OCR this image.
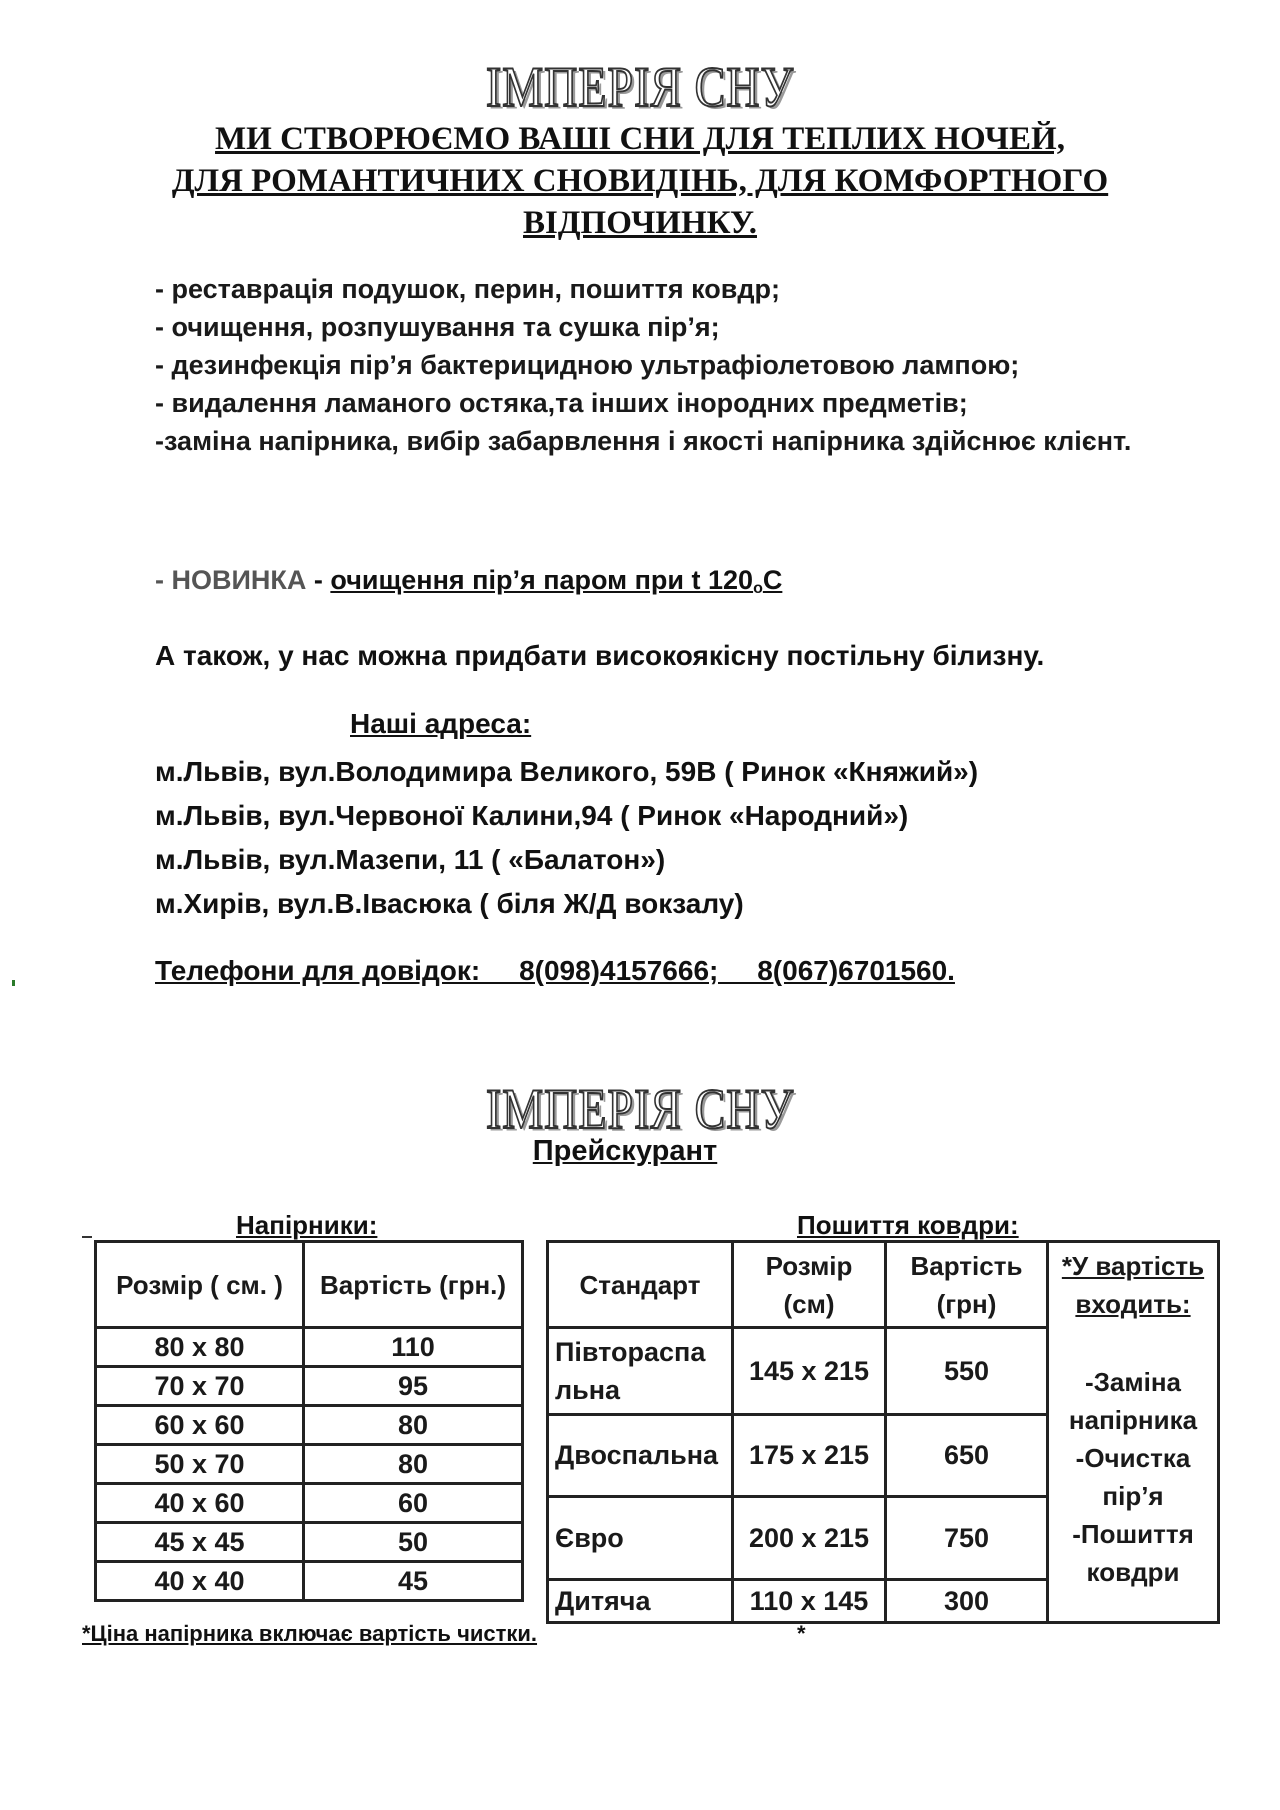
ІМПЕРІЯ СНУ
МИ СТВОРЮЄМО ВАШІ СНИ ДЛЯ ТЕПЛИХ НОЧЕЙ,
ДЛЯ РОМАНТИЧНИХ СНОВИДІНЬ, ДЛЯ КОМФОРТНОГО
ВІДПОЧИНКУ.
- реставрація подушок, перин, пошиття ковдр;
- очищення, розпушування та сушка пір’я;
- дезинфекція пір’я бактерицидною ультрафіолетовою лампою;
- видалення ламаного остяка,та інших інородних предметів;
-заміна напірника, вибір забарвлення і якості напірника здійснює клієнт.
- НОВИНКА - очищення пір’я паром при t $120_оС$
А також, у нас можна придбати високоякісну постільну білизну.
Наші адреса:
м.Львів, вул.Володимира Великого, 59В ( Ринок «Княжий»)
м.Львів, вул.Червоної Калини,94 ( Ринок «Народний»)
м.Львів, вул.Мазепи, 11 ( «Балатон»)
м.Хирів, вул.В.Івасюка ( біля Ж/Д вокзалу)
Телефони для довідок:     8(098)4157666;     8(067)6701560.
ІМПЕРІЯ СНУ
Прейскурант
Напірники:	Пошиття ковдри:
Розмір ( см. )	Вартість (грн.)
80 x 80	110
70 x 70	95
60 x 60	80
50 x 70	80
40 x 60	60
45 x 45	50
40 x 40	45
Стандарт	Розмір (см)	Вартість (грн)	*У вартість входить:
-Заміна напірника -Очистка пір’я -Пошиття ковдри

Півтораспа льна	145 x 215	550	
Двоспальна	175 x 215	650	
Євро	200 x 215	750	
Дитяча	110 x 145	300	
*Ціна напірника включає вартість чистки.	*
